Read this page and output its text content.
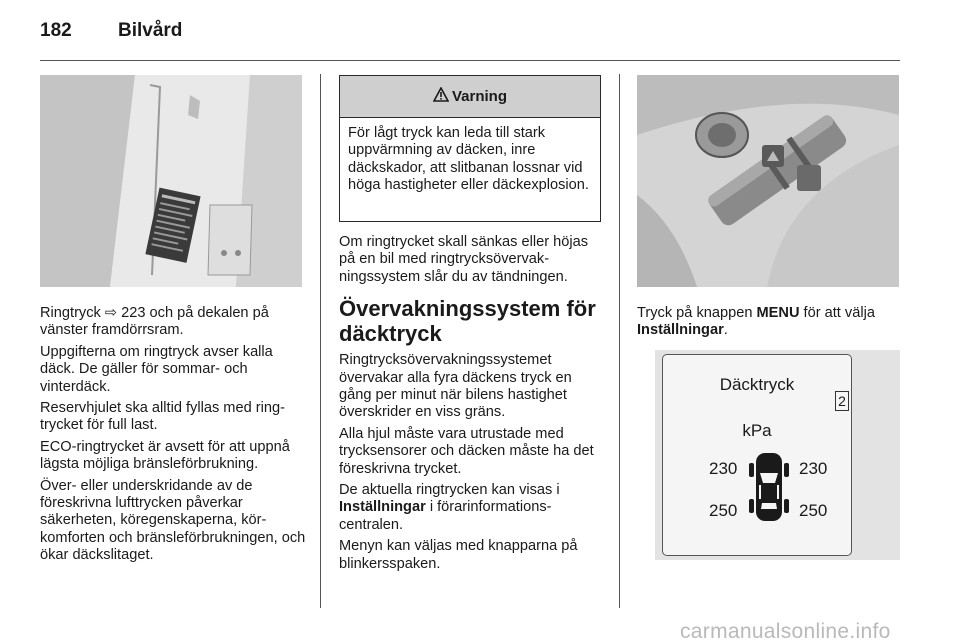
182	Bilvård

Ringtryck ⇨ 223 och på dekalen på vänster framdörrsram.

Uppgifterna om ringtryck avser kalla däck. De gäller för sommar- och vinterdäck.

Reservhjulet ska alltid fyllas med ringtrycket för full last.

ECO-ringtrycket är avsett för att uppnå lägsta möjliga bränsleförbrukning.

Över- eller underskridande av de föreskrivna lufttrycken påverkar säkerheten, köregenskaperna, körkomforten och bränsleförbrukningen, och ökar däckslitaget.

Varning
För lågt tryck kan leda till stark uppvärmning av däcken, inre däckskador, att slitbanan lossnar vid höga hastigheter eller däckexplosion.

Om ringtrycket skall sänkas eller höjas på en bil med ringtrycksövervakningssystem slår du av tändningen.

Övervakningssystem för däcktryck

Ringtrycksövervakningssystemet övervakar alla fyra däckens tryck en gång per minut när bilens hastighet överskrider en viss gräns.

Alla hjul måste vara utrustade med trycksensorer och däcken måste ha det föreskrivna trycket.

De aktuella ringtrycken kan visas i Inställningar i förarinformationscentralen.

Menyn kan väljas med knapparna på blinkersspaken.

Tryck på knappen MENU för att välja Inställningar.

Däcktryck
2
kPa
230	230
250	250
carmanualsonline.info
